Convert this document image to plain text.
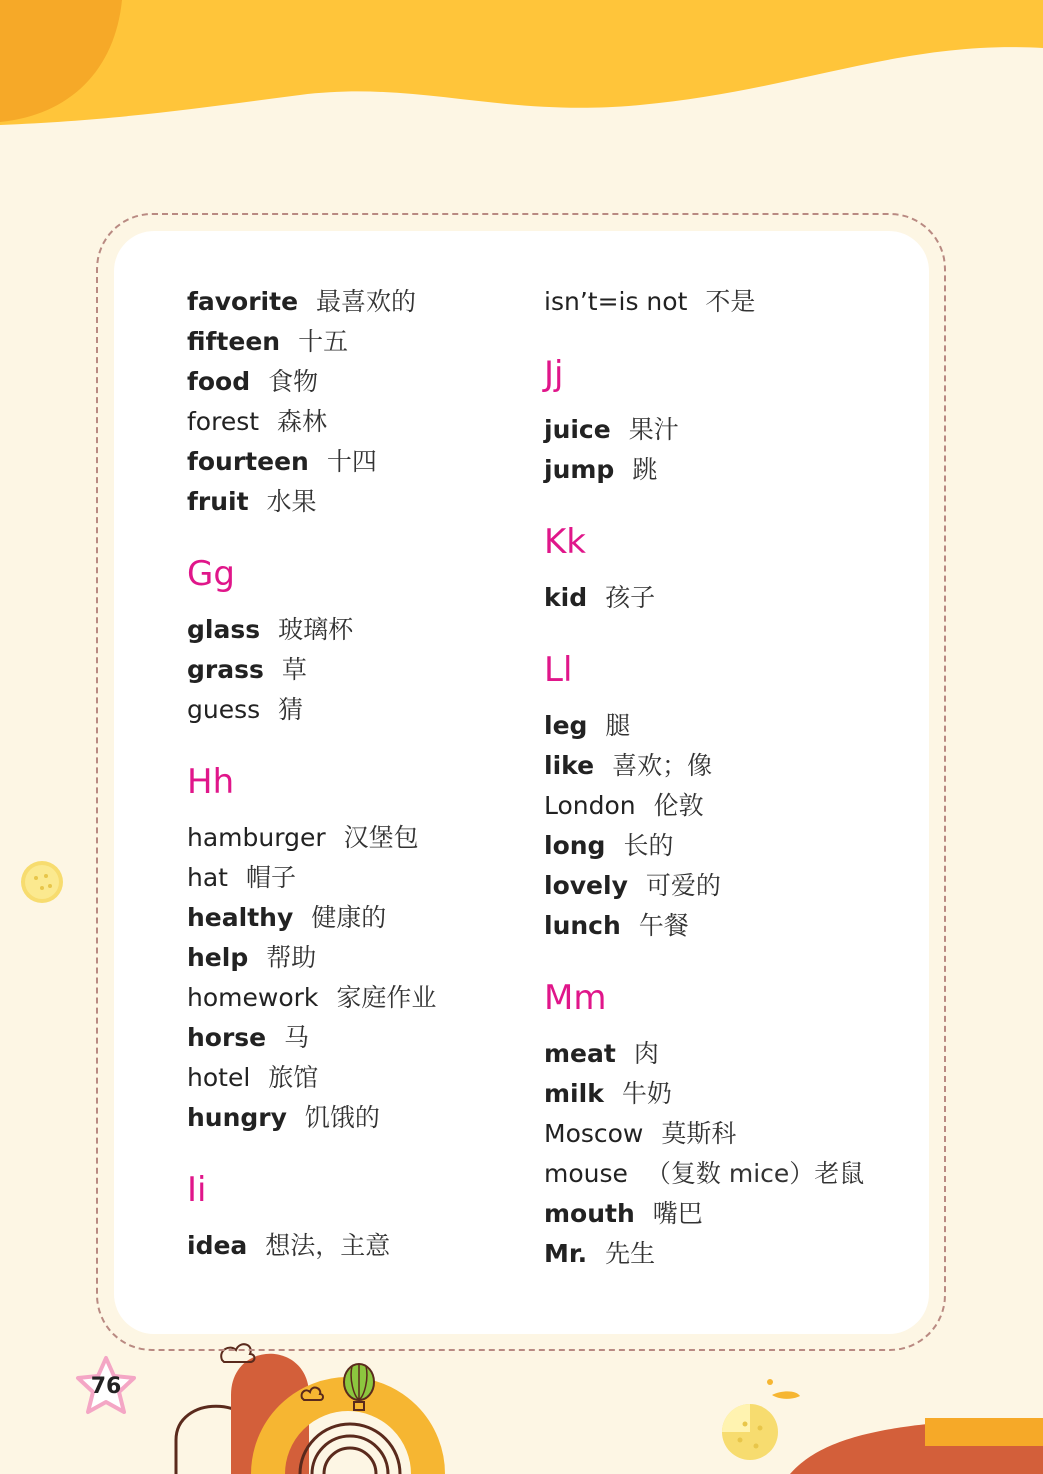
favorite 最喜欢的
fifteen 十五
food 食物
forest 森林
fourteen 十四
fruit 水果
Gg
glass 玻璃杯
grass 草
guess 猜
Hh
hamburger 汉堡包
hat 帽子
healthy 健康的
help 帮助
homework 家庭作业
horse 马
hotel 旅馆
hungry 饥饿的
Ii
idea 想法，主意
isn’t=is not 不是
Jj
juice 果汁
jump 跳
Kk
kid 孩子
Ll
leg 腿
like 喜欢；像
London 伦敦
long 长的
lovely 可爱的
lunch 午餐
Mm
meat 肉
milk 牛奶
Moscow 莫斯科
mouse （复数 mice）老鼠
mouth 嘴巴
Mr. 先生
76
